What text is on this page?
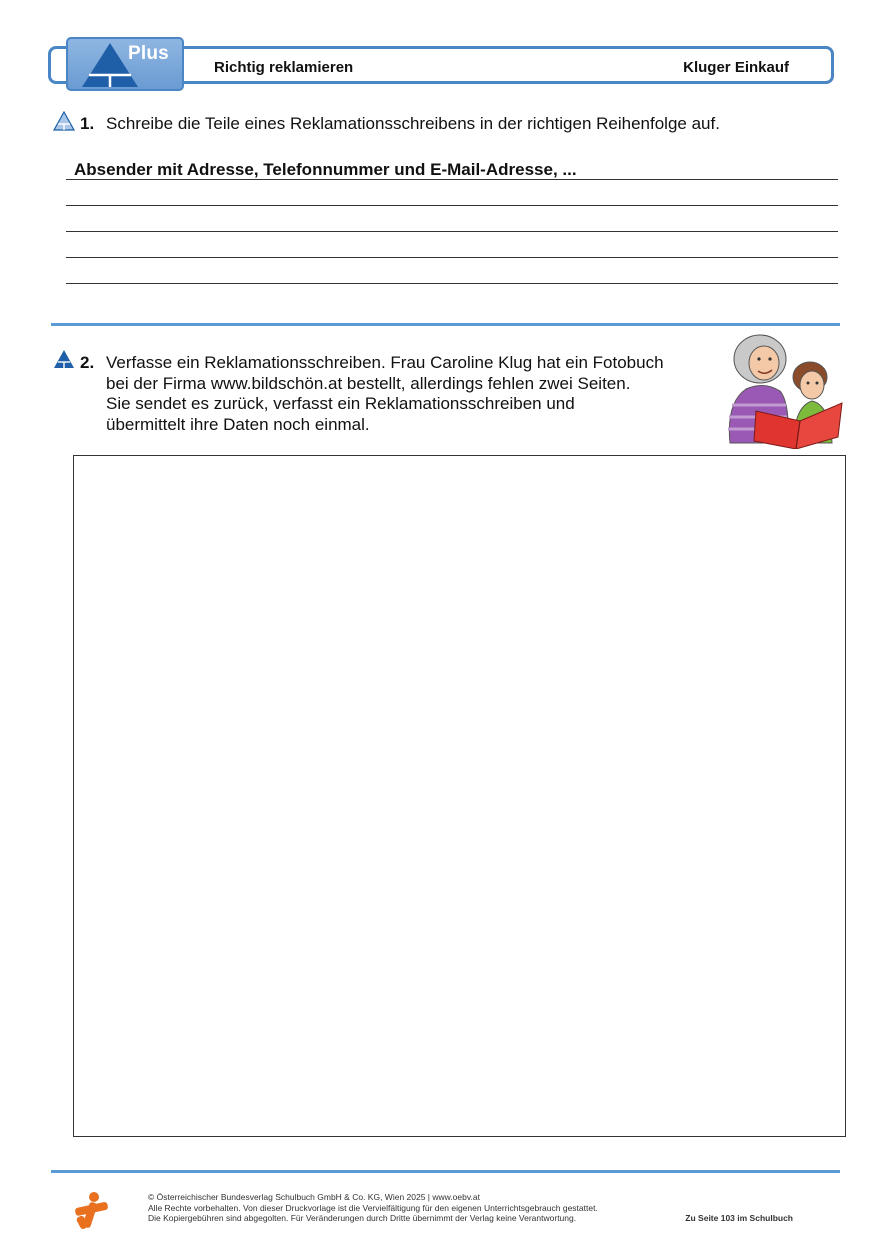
Plus
Richtig reklamieren	Kluger Einkauf
1. Schreibe die Teile eines Reklamationsschreibens in der richtigen Reihenfolge auf.
Absender mit Adresse, Telefonnummer und E-Mail-Adresse, ...
2. Verfasse ein Reklamationsschreiben. Frau Caroline Klug hat ein Fotobuch
bei der Firma www.bildschön.at bestellt, allerdings fehlen zwei Seiten.
Sie sendet es zurück, verfasst ein Reklamationsschreiben und
übermittelt ihre Daten noch einmal.
© Österreichischer Bundesverlag Schulbuch GmbH & Co. KG, Wien 2025 | www.oebv.at
Alle Rechte vorbehalten. Von dieser Druckvorlage ist die Vervielfältigung für den eigenen Unterrichtsgebrauch gestattet.
Die Kopiergebühren sind abgegolten. Für Veränderungen durch Dritte übernimmt der Verlag keine Verantwortung.	Zu Seite 103 im Schulbuch
